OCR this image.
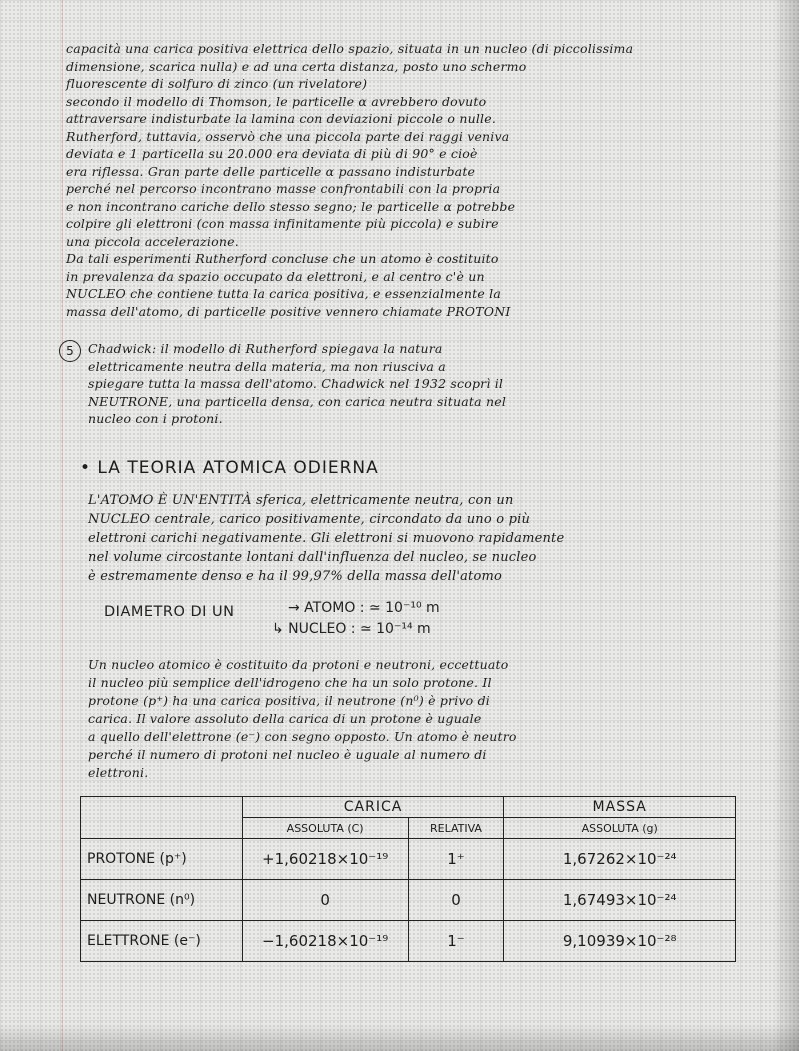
capacità una carica positiva elettrica dello spazio, situata in un nucleo (di piccolissima

dimensione, scarica nulla) e ad una certa distanza, posto uno schermo

fluorescente di solfuro di zinco (un rivelatore)

secondo il modello di Thomson, le particelle α avrebbero dovuto

attraversare indisturbate la lamina con deviazioni piccole o nulle.

Rutherford, tuttavia, osservò che una piccola parte dei raggi veniva

deviata e 1 particella su 20.000 era deviata di più di 90° e cioè

era riflessa. Gran parte delle particelle α passano indisturbate

perché nel percorso incontrano masse confrontabili con la propria

e non incontrano cariche dello stesso segno; le particelle α potrebbe

colpire gli elettroni (con massa infinitamente più piccola) e subire

una piccola accelerazione.

Da tali esperimenti Rutherford concluse che un atomo è costituito

in prevalenza da spazio occupato da elettroni, e al centro c'è un

NUCLEO che contiene tutta la carica positiva, e essenzialmente la

massa dell'atomo, di particelle positive vennero chiamate PROTONI

5	Chadwick: il modello di Rutherford spiegava la natura

elettricamente neutra della materia, ma non riusciva a

spiegare tutta la massa dell'atomo. Chadwick nel 1932 scoprì il

NEUTRONE, una particella densa, con carica neutra situata nel

nucleo con i protoni.

• LA TEORIA ATOMICA ODIERNA

L'ATOMO È UN'ENTITÀ sferica, elettricamente neutra, con un

NUCLEO centrale, carico positivamente, circondato da uno o più

elettroni carichi negativamente. Gli elettroni si muovono rapidamente

nel volume circostante lontani dall'influenza del nucleo, se nucleo

è estremamente denso e ha il 99,97% della massa dell'atomo

DIAMETRO DI UN	→ ATOMO : ≃ 10⁻¹⁰ m
↳ NUCLEO : ≃ 10⁻¹⁴ m

Un nucleo atomico è costituito da protoni e neutroni, eccettuato

il nucleo più semplice dell'idrogeno che ha un solo protone. Il

protone (p⁺) ha una carica positiva, il neutrone (n⁰) è privo di

carica. Il valore assoluto della carica di un protone è uguale

a quello dell'elettrone (e⁻) con segno opposto. Un atomo è neutro

perché il numero di protoni nel nucleo è uguale al numero di

elettroni.

	CARICA		MASSA
	ASSOLUTA (C)	RELATIVA	ASSOLUTA (g)
PROTONE (p⁺)	+1,60218×10⁻¹⁹	1⁺	1,67262×10⁻²⁴
NEUTRONE (n⁰)	0	0	1,67493×10⁻²⁴
ELETTRONE (e⁻)	−1,60218×10⁻¹⁹	1⁻	9,10939×10⁻²⁸
